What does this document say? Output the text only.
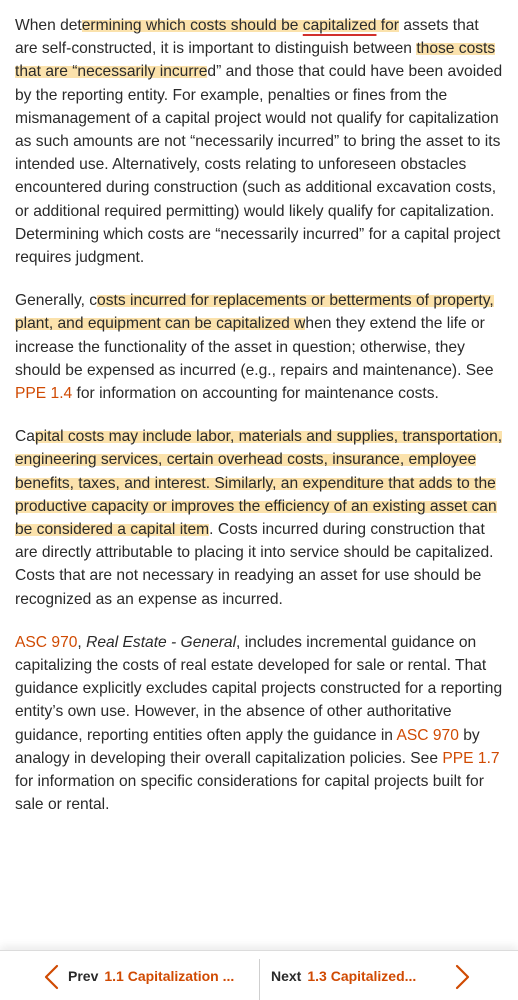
When determining which costs should be capitalized for assets that are self-constructed, it is important to distinguish between those costs that are “necessarily incurred” and those that could have been avoided by the reporting entity. For example, penalties or fines from the mismanagement of a capital project would not qualify for capitalization as such amounts are not “necessarily incurred” to bring the asset to its intended use. Alternatively, costs relating to unforeseen obstacles encountered during construction (such as additional excavation costs, or additional required permitting) would likely qualify for capitalization. Determining which costs are “necessarily incurred” for a capital project requires judgment.

Generally, costs incurred for replacements or betterments of property, plant, and equipment can be capitalized when they extend the life or increase the functionality of the asset in question; otherwise, they should be expensed as incurred (e.g., repairs and maintenance). See PPE 1.4 for information on accounting for maintenance costs.

Capital costs may include labor, materials and supplies, transportation, engineering services, certain overhead costs, insurance, employee benefits, taxes, and interest. Similarly, an expenditure that adds to the productive capacity or improves the efficiency of an existing asset can be considered a capital item. Costs incurred during construction that are directly attributable to placing it into service should be capitalized. Costs that are not necessary in readying an asset for use should be recognized as an expense as incurred.

ASC 970, Real Estate - General, includes incremental guidance on capitalizing the costs of real estate developed for sale or rental. That guidance explicitly excludes capital projects constructed for a reporting entity’s own use. However, in the absence of other authoritative guidance, reporting entities often apply the guidance in ASC 970 by analogy in developing their overall capitalization policies. See PPE 1.7 for information on specific considerations for capital projects built for sale or rental.

Prev 1.1 Capitalization ...	Next 1.3 Capitalized...
